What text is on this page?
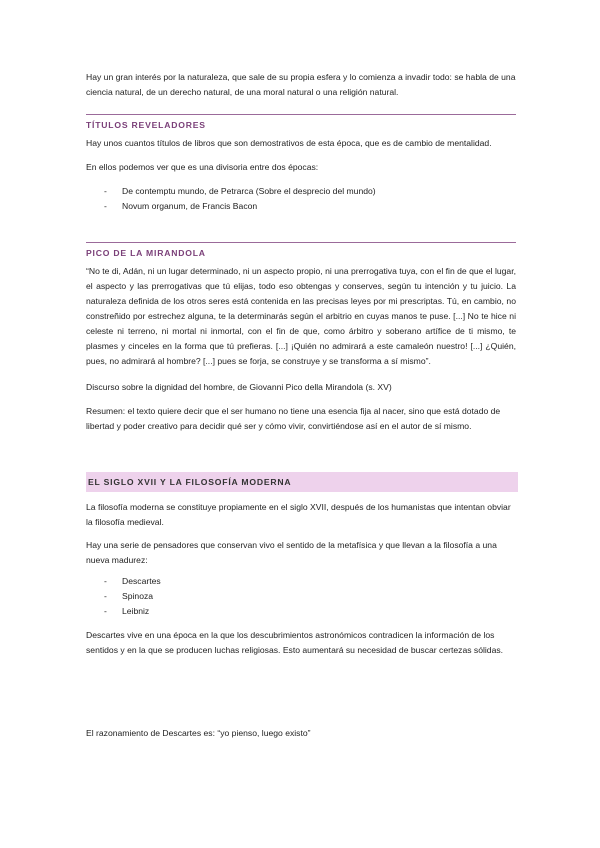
Hay un gran interés por la naturaleza, que sale de su propia esfera y lo comienza a invadir todo: se habla de una ciencia natural, de un derecho natural, de una moral natural o una religión natural.

TÍTULOS REVELADORES

Hay unos cuantos títulos de libros que son demostrativos de esta época, que es de cambio de mentalidad.

En ellos podemos ver que es una divisoria entre dos épocas:

- De contemptu mundo, de Petrarca (Sobre el desprecio del mundo)
- Novum organum, de Francis Bacon
PICO DE LA MIRANDOLA

“No te di, Adán, ni un lugar determinado, ni un aspecto propio, ni una prerrogativa tuya, con el fin de que el lugar, el aspecto y las prerrogativas que tú elijas, todo eso obtengas y conserves, según tu intención y tu juicio. La naturaleza definida de los otros seres está contenida en las precisas leyes por mi prescriptas. Tú, en cambio, no constreñido por estrechez alguna, te la determinarás según el arbitrio en cuyas manos te puse. [...] No te hice ni celeste ni terreno, ni mortal ni inmortal, con el fin de que, como árbitro y soberano artífice de ti mismo, te plasmes y cinceles en la forma que tú prefieras. [...] ¡Quién no admirará a este camaleón nuestro! [...] ¿Quién, pues, no admirará al hombre? [...] pues se forja, se construye y se transforma a sí mismo”.

Discurso sobre la dignidad del hombre, de Giovanni Pico della Mirandola (s. XV)

Resumen: el texto quiere decir que el ser humano no tiene una esencia fija al nacer, sino que está dotado de libertad y poder creativo para decidir qué ser y cómo vivir, convirtiéndose así en el autor de sí mismo.

EL SIGLO XVII Y LA FILOSOFÍA MODERNA

La filosofía moderna se constituye propiamente en el siglo XVII, después de los humanistas que intentan obviar la filosofía medieval.

Hay una serie de pensadores que conservan vivo el sentido de la metafísica y que llevan a la filosofía a una nueva madurez:

- Descartes
- Spinoza
- Leibniz

Descartes vive en una época en la que los descubrimientos astronómicos contradicen la información de los sentidos y en la que se producen luchas religiosas. Esto aumentará su necesidad de buscar certezas sólidas.

El razonamiento de Descartes es: “yo pienso, luego existo”
